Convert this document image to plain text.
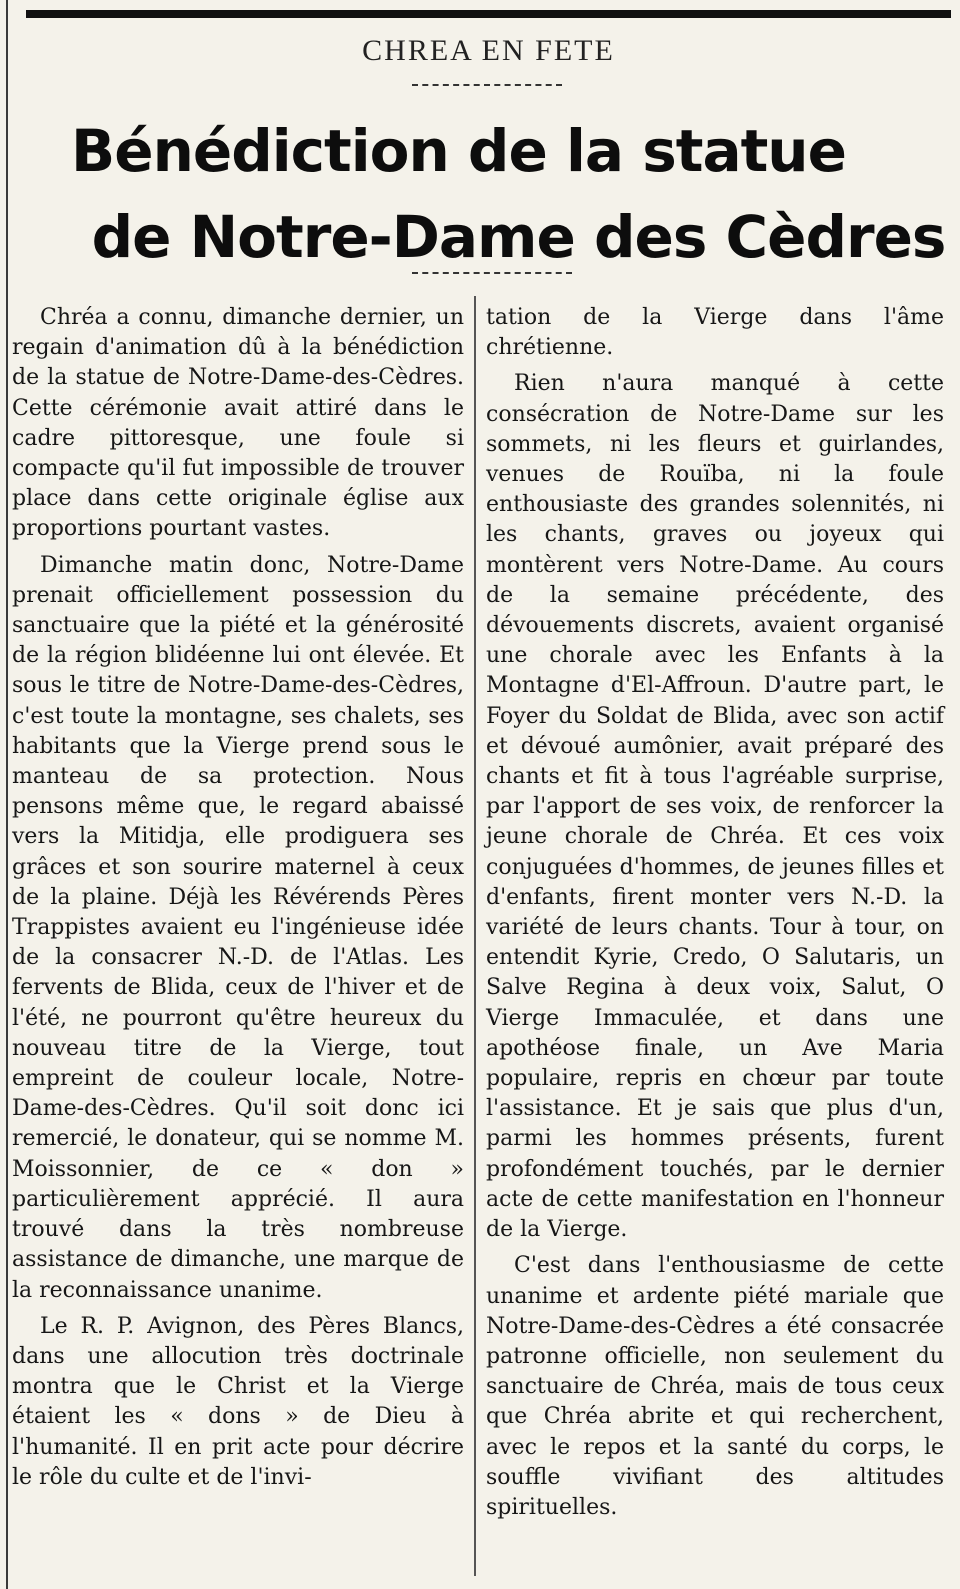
CHREA EN FETE
Bénédiction de la statue
de Notre-Dame des Cèdres

Chréa a connu, dimanche dernier, un regain d'animation dû à la bénédiction de la statue de Notre-Dame-des-Cèdres. Cette cérémonie avait attiré dans le cadre pittoresque, une foule si compacte qu'il fut impossible de trouver place dans cette originale église aux proportions pourtant vastes.

Dimanche matin donc, Notre-Dame prenait officiellement possession du sanctuaire que la piété et la générosité de la région blidéenne lui ont élevée. Et sous le titre de Notre-Dame-des-Cèdres, c'est toute la montagne, ses chalets, ses habitants que la Vierge prend sous le manteau de sa protection. Nous pensons même que, le regard abaissé vers la Mitidja, elle prodiguera ses grâces et son sourire maternel à ceux de la plaine. Déjà les Révérends Pères Trappistes avaient eu l'ingénieuse idée de la consacrer N.-D. de l'Atlas. Les fervents de Blida, ceux de l'hiver et de l'été, ne pourront qu'être heureux du nouveau titre de la Vierge, tout empreint de couleur locale, Notre-Dame-des-Cèdres. Qu'il soit donc ici remercié, le donateur, qui se nomme M. Moissonnier, de ce « don » particulièrement apprécié. Il aura trouvé dans la très nombreuse assistance de dimanche, une marque de la reconnaissance unanime.

Le R. P. Avignon, des Pères Blancs, dans une allocution très doctrinale montra que le Christ et la Vierge étaient les « dons » de Dieu à l'humanité. Il en prit acte pour décrire le rôle du culte et de l'invi-

tation de la Vierge dans l'âme chrétienne.

Rien n'aura manqué à cette consécration de Notre-Dame sur les sommets, ni les fleurs et guirlandes, venues de Rouïba, ni la foule enthousiaste des grandes solennités, ni les chants, graves ou joyeux qui montèrent vers Notre-Dame. Au cours de la semaine précédente, des dévouements discrets, avaient organisé une chorale avec les Enfants à la Montagne d'El-Affroun. D'autre part, le Foyer du Soldat de Blida, avec son actif et dévoué aumônier, avait préparé des chants et fit à tous l'agréable surprise, par l'apport de ses voix, de renforcer la jeune chorale de Chréa. Et ces voix conjuguées d'hommes, de jeunes filles et d'enfants, firent monter vers N.-D. la variété de leurs chants. Tour à tour, on entendit Kyrie, Credo, O Salutaris, un Salve Regina à deux voix, Salut, O Vierge Immaculée, et dans une apothéose finale, un Ave Maria populaire, repris en chœur par toute l'assistance. Et je sais que plus d'un, parmi les hommes présents, furent profondément touchés, par le dernier acte de cette manifestation en l'honneur de la Vierge.

C'est dans l'enthousiasme de cette unanime et ardente piété mariale que Notre-Dame-des-Cèdres a été consacrée patronne officielle, non seulement du sanctuaire de Chréa, mais de tous ceux que Chréa abrite et qui recherchent, avec le repos et la santé du corps, le souffle vivifiant des altitudes spirituelles.
